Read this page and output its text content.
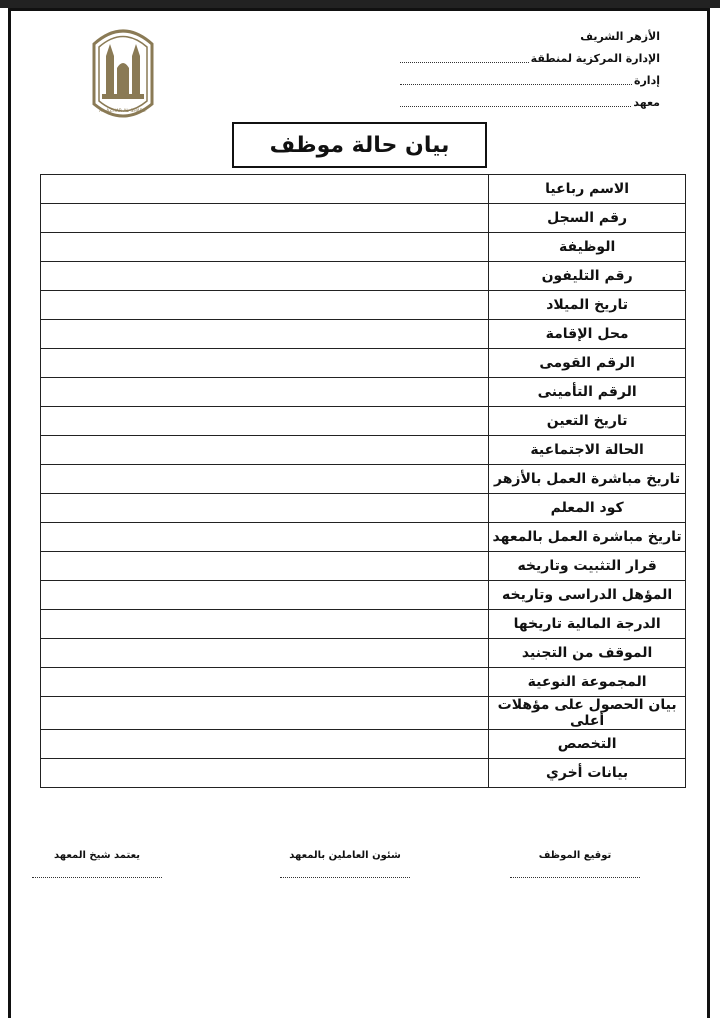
AL-AZHAR AL-SHARIF
الأزهر الشريف
الإدارة المركزية لمنطقة
إدارة
معهد
بيان حالة موظف
الاسم رباعيا	
رقم السجل	
الوظيفة	
رقم التليفون	
تاريخ الميلاد	
محل الإقامة	
الرقم القومى	
الرقم التأمينى	
تاريخ التعين	
الحالة الاجتماعية	
تاريخ مباشرة العمل بالأزهر	
كود المعلم	
تاريخ مباشرة العمل بالمعهد	
قرار التثبيت وتاريخه	
المؤهل الدراسى وتاريخه	
الدرجة المالية تاريخها	
الموقف من التجنيد	
المجموعة النوعية	
بيان الحصول على مؤهلات أعلى	
التخصص	
بيانات أخري	
توقيع الموظف
شئون العاملين بالمعهد
يعتمد شيخ المعهد
